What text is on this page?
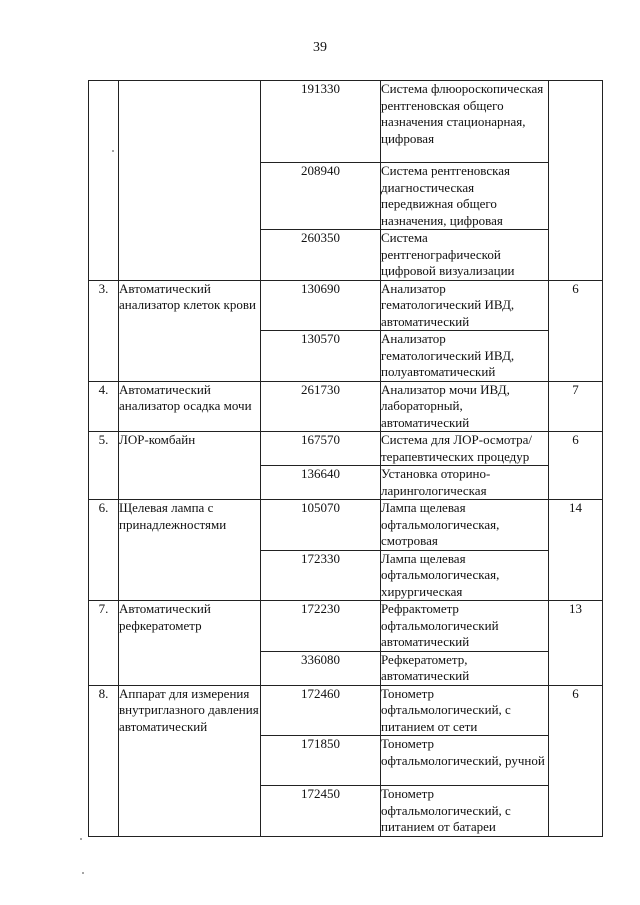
39
		191330	Система флюороскопическая рентгеновская общего назначения стационарная, цифровая	
		208940	Система рентгеновская диагностическая передвижная общего назначения, цифровая	
		260350	Система рентгенографической цифровой визуализации	
3.	Автоматический анализатор клеток крови	130690	Анализатор гематологический ИВД, автоматический	6
		130570	Анализатор гематологический ИВД, полуавтоматический	
4.	Автоматический анализатор осадка мочи	261730	Анализатор мочи ИВД, лабораторный, автоматический	7
5.	ЛОР-комбайн	167570	Система для ЛОР-осмотра/ терапевтических процедур	6
		136640	Установка оторино-ларингологическая	
6.	Щелевая лампа с принадлежностями	105070	Лампа щелевая офтальмологическая, смотровая	14
		172330	Лампа щелевая офтальмологическая, хирургическая	
7.	Автоматический рефкератометр	172230	Рефрактометр офтальмологический автоматический	13
		336080	Рефкератометр, автоматический	
8.	Аппарат для измерения внутриглазного давления автоматический	172460	Тонометр офтальмологический, с питанием от сети	6
		171850	Тонометр офтальмологический, ручной	
		172450	Тонометр офтальмологический, с питанием от батареи	
